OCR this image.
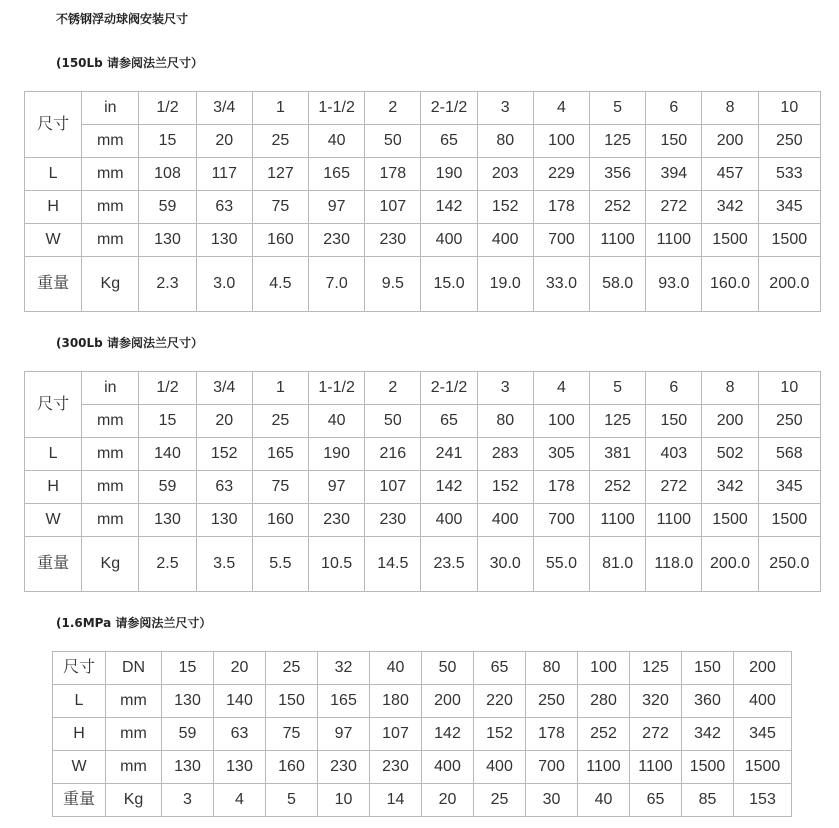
不锈钢浮动球阀安装尺寸

(150Lb 请参阅法兰尺寸）

尺寸	in	1/2	3/4	1	1-1/2	2	2-1/2	3	4	5	6	8	10
	mm	15	20	25	40	50	65	80	100	125	150	200	250
L	mm	108	117	127	165	178	190	203	229	356	394	457	533
H	mm	59	63	75	97	107	142	152	178	252	272	342	345
W	mm	130	130	160	230	230	400	400	700	1100	1100	1500	1500
重量	Kg	2.3	3.0	4.5	7.0	9.5	15.0	19.0	33.0	58.0	93.0	160.0	200.0

(300Lb 请参阅法兰尺寸）

尺寸	in	1/2	3/4	1	1-1/2	2	2-1/2	3	4	5	6	8	10
	mm	15	20	25	40	50	65	80	100	125	150	200	250
L	mm	140	152	165	190	216	241	283	305	381	403	502	568
H	mm	59	63	75	97	107	142	152	178	252	272	342	345
W	mm	130	130	160	230	230	400	400	700	1100	1100	1500	1500
重量	Kg	2.5	3.5	5.5	10.5	14.5	23.5	30.0	55.0	81.0	118.0	200.0	250.0

(1.6MPa 请参阅法兰尺寸）

尺寸	DN	15	20	25	32	40	50	65	80	100	125	150	200
L	mm	130	140	150	165	180	200	220	250	280	320	360	400
H	mm	59	63	75	97	107	142	152	178	252	272	342	345
W	mm	130	130	160	230	230	400	400	700	1100	1100	1500	1500
重量	Kg	3	4	5	10	14	20	25	30	40	65	85	153
